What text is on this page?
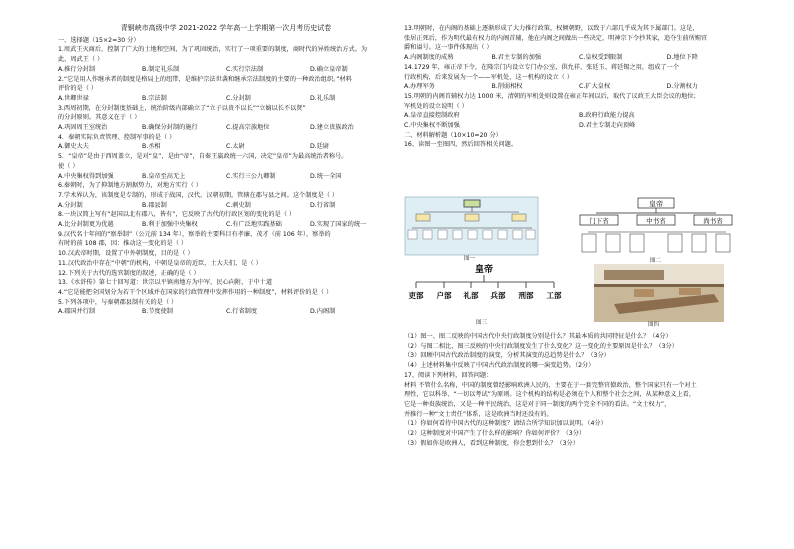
青铜峡市高级中学 2021-2022 学年高一上学期第一次月考历史试卷
一、选择题（15×2=30 分）
1.周武王灭商后，控制了广大的土地和空间，为了巩固统治，实行了一项重要的制度，商时代的异姓统治方式。为
此，周武王（ ）
A.推行分封制	B.制定礼乐制	C.实行宗法制	D.确立皇帝制
2.“它是用人作继承者的制度是格局上的纽带，是维护宗法世袭和继承宗法制度的主要的一种政治组织。”材料
评价的是（ ）
A.世卿世禄	B.宗法制	C.分封制	D.礼乐制
3.西周初期，在分封制度基础上，统治阶级内部确立了“立子以贵不以长”“立嫡以长不以贤”
的分封原则。其意义在于（ ）
A.巩固周王室统治	B.确保分封制的施行	C.提高宗族地位	D.建立贵族政治
4．秦朝实际负责管理、控制军事的是（ ）
A.御史大夫	B.丞相	C.太尉	D.廷尉
5．“皇帝”是由于西周盖立，是对“皇”，是由“帝”，自秦王嬴政统一六国，决定“皇帝”为最高统治者称号。
使（ ）
A.中央集权得到加强	B.皇帝至高无上	C.实行三公九卿制	D.统一全国
6.秦朝时，为了抑制地方割据势力，对地方实行（ ）
7.学术界认为，该制度是专制的，形成于战国，汉代、汉朝初期，管辖在郡与县之间。这个制度是（ ）
A.分封制	B.郡县制	C.刺史制	D.行省制
8.一块汉简上写有“赵国以北有郡八，皆有”，它反映了古代的行政区划的变化的是（ ）
A.比分封制更为优越	B.利于加强中央集权	C.有广泛地实践基础	D.实现了国家的统一
9.汉代名十年间的“察举制”（公元前 134 年），察举的主要科目有孝廉、茂才（前 106 年），察举的
有时的前 108 郡，因：推动这一变化的是（ ）
10.汉武帝时期，设置了中外朝制度，目的是（ ）
11.汉代政治中存在“中朝”的机构，中朝是皇帝的近臣，士大夫们，是（ ）
12.下列关于古代的选官制度的叙述，正确的是（ ）
13.《水浒传》第七十回写道：世宗以平镇南地方为中军，民心向附，于中十道
4.“它是能把全国划分为若干个区域并在国家的行政管理中发挥作用的一种制度”，材料评价的是（ ）
5.下列各项中，与秦朝郡县制有关的是（ ）
A.郡国并行制	B.节度使制	C.行省制度	D.内阁制
13.明朝时，在内阁的基础上逐渐形成了大力推行政策，权倾朝野，以致于六部几乎成为其下属部门。这是，
张居正死后，作为明代最有权力的内阁首辅，他在内阁之间做出一些决定，明神宗下令抄其家，追夺生前所赐官
爵和谥号。这一事件体现出（ ）
A.内阁制度的成熟	B.君主专制的加强	C.皇权受到限制	D.地位下降
14.1729 年，雍正帝下令，在隆宗门内设立专门办公室，供允祥、张廷玉、蒋廷锡之用，组成了一个
行政机构，后来发展为一个——军机处，这一机构的设立（ ）
A.办理军务	B.削弱相权	C.扩大皇权	D.分割权力
15.明朝的内阁首辅权力达 1000 米，清朝的军机处则设置在雍正年间以后，取代了议政王大臣会议的地位；
军机处的设立说明（ ）
A.皇帝直接控制政府	B.政府行政能力提高
C.中央集权不断加强	D.君主专制走向顶峰
二、材料解析题（10×10=20 分）
16、读图一至图四，然后回答相关问题。
图一
皇帝
门下省	中书省	尚书省
图二
皇帝
吏部 户部 礼部 兵部 刑部 工部
图三	图四
（1）图一、图二反映的中国古代中央行政制度分别是什么？其最本质的共同特征是什么？（4分）
（2）与图二相比，图三反映的中央行政制度发生了什么变化？这一变化的主要原因是什么？（3分）
（3）回顾中国古代政治制度的演变，分析其演变的总趋势是什么？（3分）
（4）上述材料集中反映了中国古代政治制度的哪一演变趋势。（2分）
17、阅读下列材料，回答问题：
材料 不管什么名称，中国的制度曾经影响欧洲人民的，主要在于一套完整官僚政治，整个国家只有一个对土
理性，它以科举、“一切以考试”为原则。这个机构的结构是必须在个人和整个社会之间，从某种意义上看，
它是一种贵族统治，又是一种平民统治，这是对于同一制度的两个完全不同的看法。“文士权力”，
并推行一种“文士责任”体系，这是欧洲当时还没有的。
（1）你如何看待中国古代的这种制度？请结合所学知识加以说明。（4分）
（2）这种制度对中国产生了什么样的影响？你如何评价？（3分）
（3）假如你是欧洲人，看到这种制度，你会想到什么？（3分）
